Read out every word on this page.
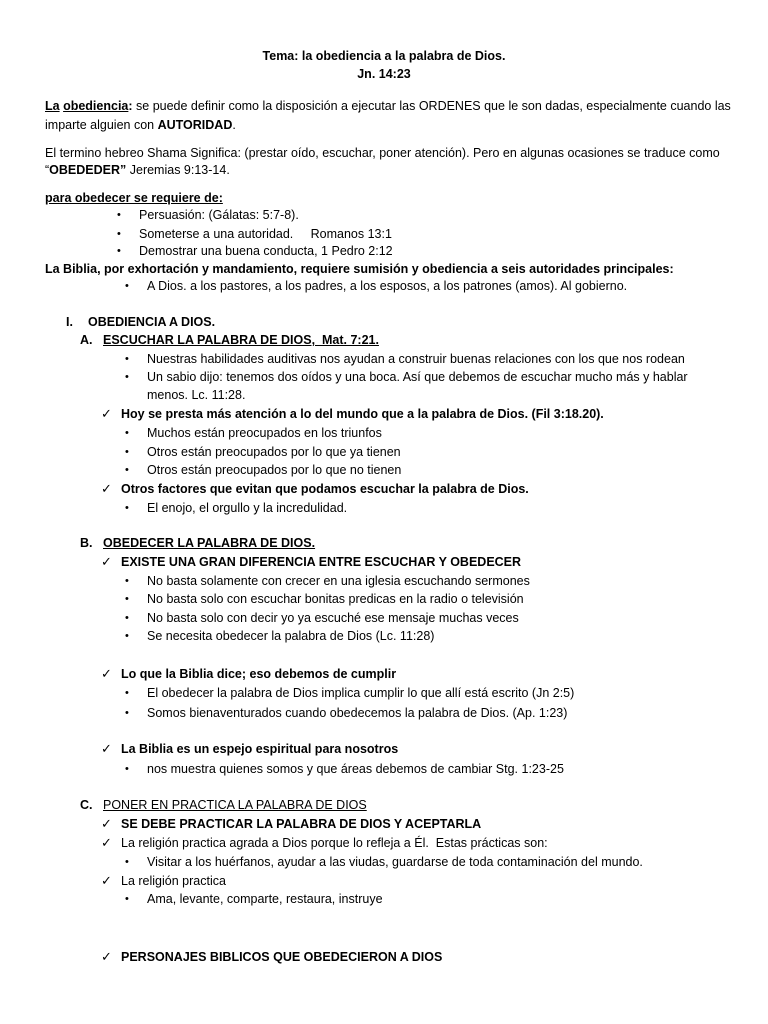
Tema: la obediencia a la palabra de Dios.
Jn. 14:23
La obediencia: se puede definir como la disposición a ejecutar las ORDENES que le son dadas, especialmente cuando las
imparte alguien con AUTORIDAD.
El termino hebreo Shama Significa: (prestar oído, escuchar, poner atención). Pero en algunas ocasiones se traduce como
“OBEDEDER” Jeremias 9:13-14.
para obedecer se requiere de:
• Persuasión: (Gálatas: 5:7-8).
• Someterse a una autoridad.     Romanos 13:1
• Demostrar una buena conducta, 1 Pedro 2:12
La Biblia, por exhortación y mandamiento, requiere sumisión y obediencia a seis autoridades principales:
• A Dios. a los pastores, a los padres, a los esposos, a los patrones (amos). Al gobierno.
I. OBEDIENCIA A DIOS.
A. ESCUCHAR LA PALABRA DE DIOS,  Mat. 7:21.
• Nuestras habilidades auditivas nos ayudan a construir buenas relaciones con los que nos rodean
• Un sabio dijo: tenemos dos oídos y una boca. Así que debemos de escuchar mucho más y hablar
menos. Lc. 11:28.
✓ Hoy se presta más atención a lo del mundo que a la palabra de Dios. (Fil 3:18.20).
• Muchos están preocupados en los triunfos
• Otros están preocupados por lo que ya tienen
• Otros están preocupados por lo que no tienen
✓ Otros factores que evitan que podamos escuchar la palabra de Dios.
• El enojo, el orgullo y la incredulidad.
B. OBEDECER LA PALABRA DE DIOS.
✓ EXISTE UNA GRAN DIFERENCIA ENTRE ESCUCHAR Y OBEDECER
• No basta solamente con crecer en una iglesia escuchando sermones
• No basta solo con escuchar bonitas predicas en la radio o televisión
• No basta solo con decir yo ya escuché ese mensaje muchas veces
• Se necesita obedecer la palabra de Dios (Lc. 11:28)
✓ Lo que la Biblia dice; eso debemos de cumplir
• El obedecer la palabra de Dios implica cumplir lo que allí está escrito (Jn 2:5)
• Somos bienaventurados cuando obedecemos la palabra de Dios. (Ap. 1:23)
✓ La Biblia es un espejo espiritual para nosotros
• nos muestra quienes somos y que áreas debemos de cambiar Stg. 1:23-25
C. PONER EN PRACTICA LA PALABRA DE DIOS
✓ SE DEBE PRACTICAR LA PALABRA DE DIOS Y ACEPTARLA
✓ La religión practica agrada a Dios porque lo refleja a Él.  Estas prácticas son:
• Visitar a los huérfanos, ayudar a las viudas, guardarse de toda contaminación del mundo.
✓ La religión practica
• Ama, levante, comparte, restaura, instruye
✓ PERSONAJES BIBLICOS QUE OBEDECIERON A DIOS
